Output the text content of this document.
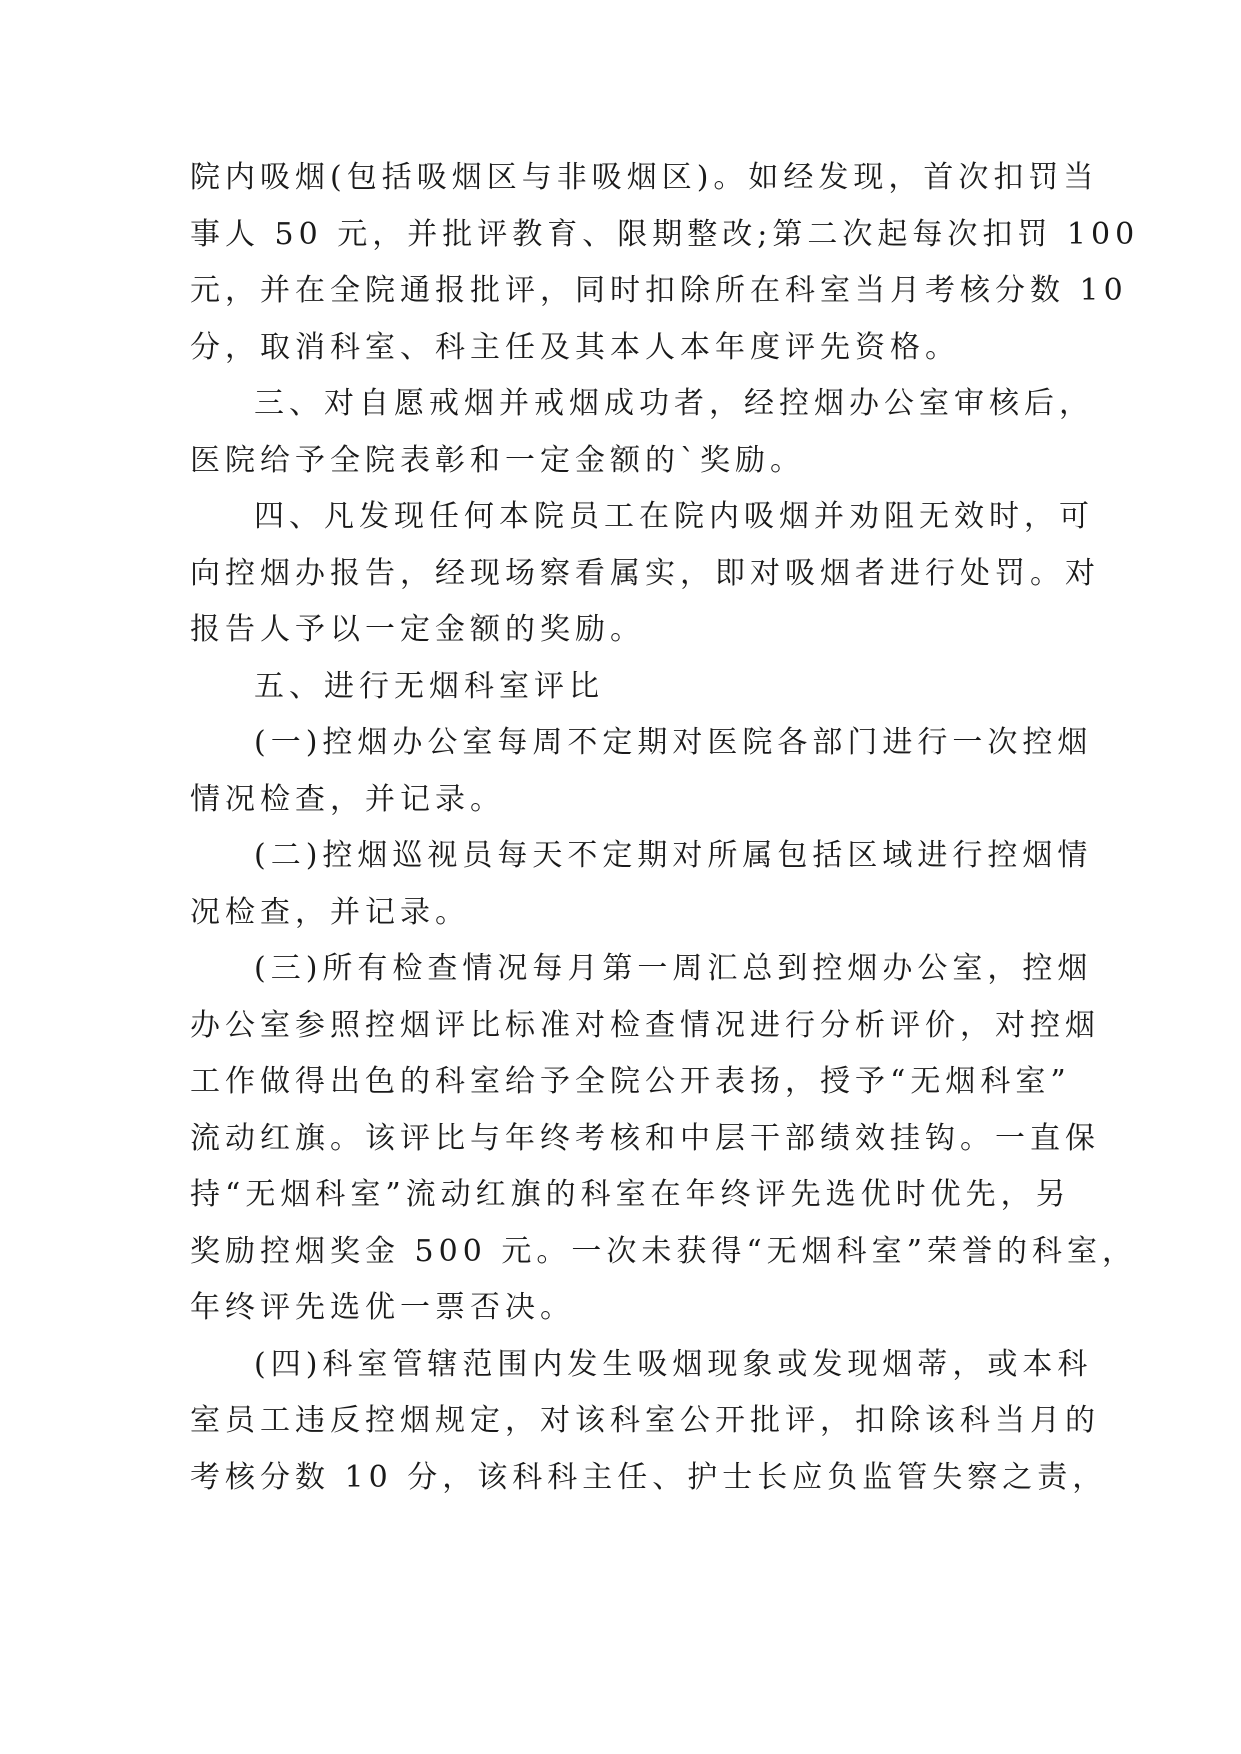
院内吸烟(包括吸烟区与非吸烟区)。如经发现，首次扣罚当
事人 50 元，并批评教育、限期整改;第二次起每次扣罚 100
元，并在全院通报批评，同时扣除所在科室当月考核分数 10
分，取消科室、科主任及其本人本年度评先资格。

三、对自愿戒烟并戒烟成功者，经控烟办公室审核后，
医院给予全院表彰和一定金额的`奖励。

四、凡发现任何本院员工在院内吸烟并劝阻无效时，可
向控烟办报告，经现场察看属实，即对吸烟者进行处罚。对
报告人予以一定金额的奖励。

五、进行无烟科室评比

(一)控烟办公室每周不定期对医院各部门进行一次控烟
情况检查，并记录。

(二)控烟巡视员每天不定期对所属包括区域进行控烟情
况检查，并记录。

(三)所有检查情况每月第一周汇总到控烟办公室，控烟
办公室参照控烟评比标准对检查情况进行分析评价，对控烟
工作做得出色的科室给予全院公开表扬，授予“无烟科室”
流动红旗。该评比与年终考核和中层干部绩效挂钩。一直保
持“无烟科室”流动红旗的科室在年终评先选优时优先，另
奖励控烟奖金 500 元。一次未获得“无烟科室”荣誉的科室，
年终评先选优一票否决。

(四)科室管辖范围内发生吸烟现象或发现烟蒂，或本科
室员工违反控烟规定，对该科室公开批评，扣除该科当月的
考核分数 10 分，该科科主任、护士长应负监管失察之责，
